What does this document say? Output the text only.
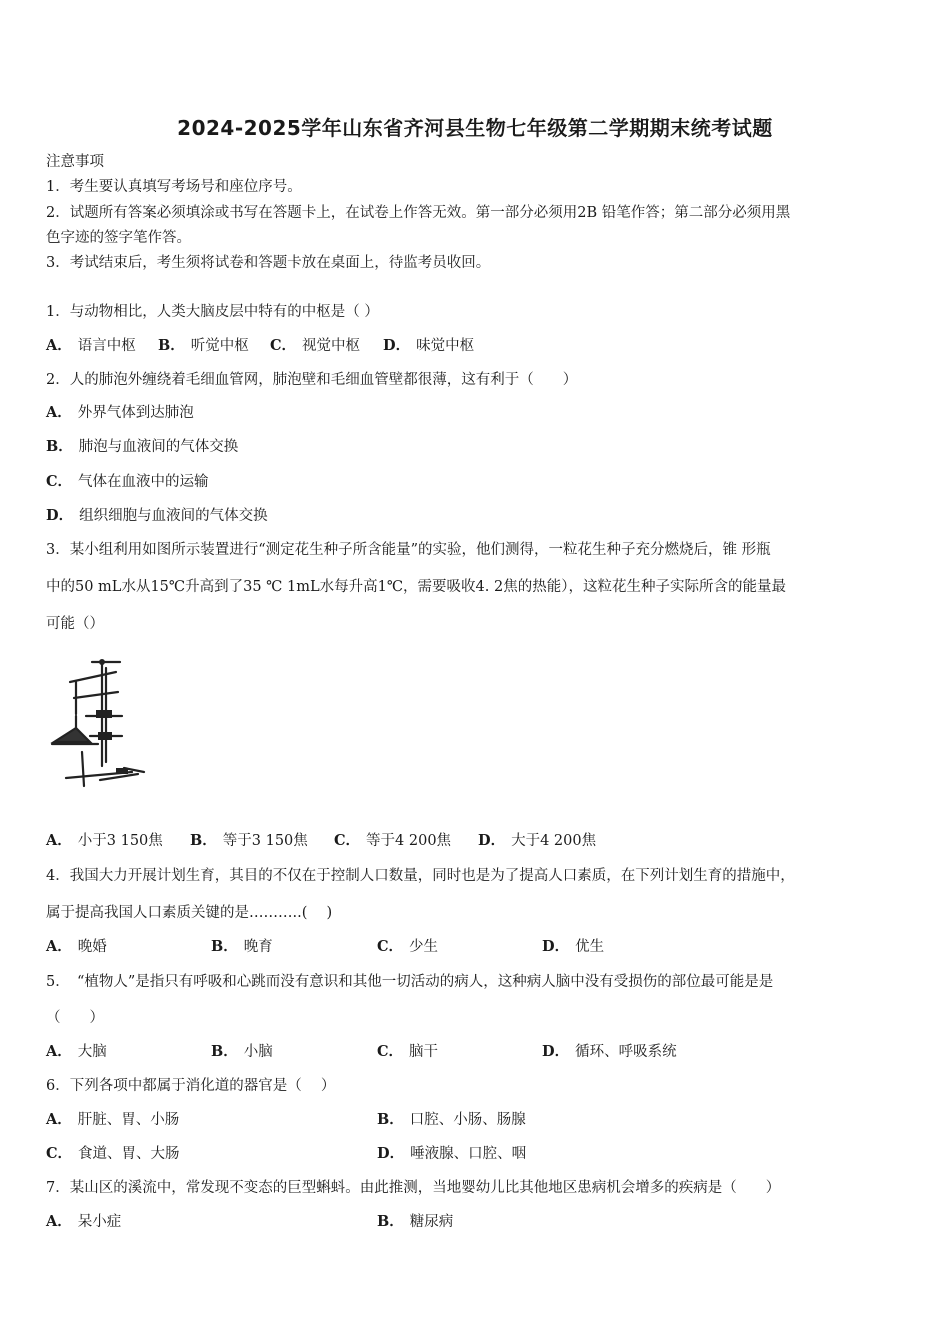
2024-2025学年山东省齐河县生物七年级第二学期期末统考试题
注意事项
1．考生要认真填写考场号和座位序号。
2．试题所有答案必须填涂或书写在答题卡上，在试卷上作答无效。第一部分必须用2B 铅笔作答；第二部分必须用黑
色字迹的签字笔作答。
3．考试结束后，考生须将试卷和答题卡放在桌面上，待监考员收回。
1．与动物相比，人类大脑皮层中特有的中枢是（ ）
A． 语言中枢 B． 听觉中枢 C． 视觉中枢 D． 味觉中枢
2．人的肺泡外缠绕着毛细血管网，肺泡壁和毛细血管壁都很薄，这有利于（　　）
A． 外界气体到达肺泡
B． 肺泡与血液间的气体交换
C． 气体在血液中的运输
D． 组织细胞与血液间的气体交换
3．某小组利用如图所示装置进行“测定花生种子所含能量”的实验，他们测得，一粒花生种子充分燃烧后，锥 形瓶
中的50 mL水从15℃升高到了35 ℃ 1mL水每升高1℃，需要吸收4. 2焦的热能），这粒花生种子实际所含的能量最
可能（）
A． 小于3 150焦 B． 等于3 150焦 C． 等于4 200焦 D． 大于4 200焦
4．我国大力开展计划生育，其目的不仅在于控制人口数量，同时也是为了提高人口素质，在下列计划生育的措施中，
属于提高我国人口素质关键的是………..(　 )
A． 晚婚	B． 晚育	C． 少生	D． 优生
5．　“植物人”是指只有呼吸和心跳而没有意识和其他一切活动的病人，这种病人脑中没有受损伤的部位最可能是是
（　　）
A． 大脑	B． 小脑	C． 脑干	D． 循环、呼吸系统
6．下列各项中都属于消化道的器官是（　 ）
A． 肝脏、胃、小肠	B． 口腔、小肠、肠腺
C． 食道、胃、大肠	D． 唾液腺、口腔、咽
7．某山区的溪流中，常发现不变态的巨型蝌蚪。由此推测，当地婴幼儿比其他地区患病机会增多的疾病是（　　）
A． 呆小症	B． 糖尿病
